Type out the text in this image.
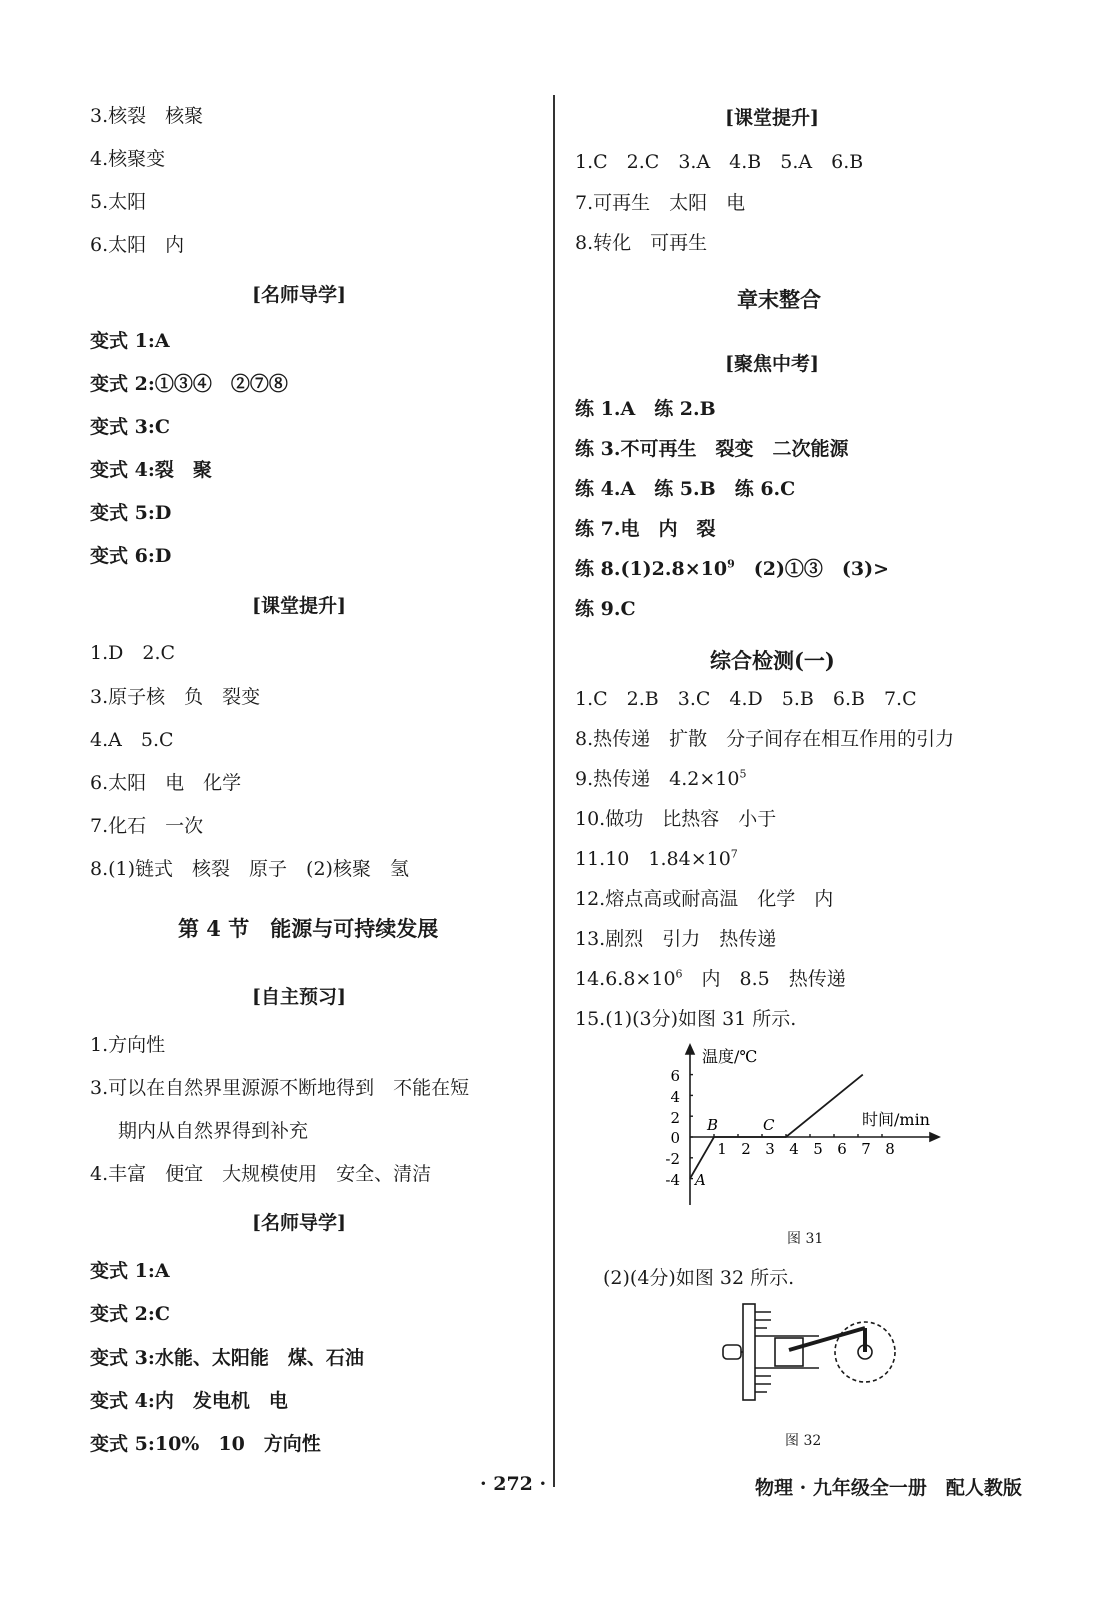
3.核裂　核聚
4.核聚变
5.太阳
6.太阳　内
[名师导学]
变式 1:A
变式 2:①③④　②⑦⑧
变式 3:C
变式 4:裂　聚
变式 5:D
变式 6:D
[课堂提升]
1.D　2.C
3.原子核　负　裂变
4.A　5.C
6.太阳　电　化学
7.化石　一次
8.(1)链式　核裂　原子　(2)核聚　氢
第 4 节　能源与可持续发展
[自主预习]
1.方向性
3.可以在自然界里源源不断地得到　不能在短
期内从自然界得到补充
4.丰富　便宜　大规模使用　安全、清洁
[名师导学]
变式 1:A
变式 2:C
变式 3:水能、太阳能　煤、石油
变式 4:内　发电机　电
变式 5:10%　10　方向性
[课堂提升]
1.C　2.C　3.A　4.B　5.A　6.B
7.可再生　太阳　电
8.转化　可再生
章末整合
[聚焦中考]
练 1.A　练 2.B
练 3.不可再生　裂变　二次能源
练 4.A　练 5.B　练 6.C
练 7.电　内　裂
练 $8.(1)2.8\times 10^9$　(2)①③　(3)>
练 9.C
综合检测(一)
1.C　2.B　3.C　4.D　5.B　6.B　7.C
8.热传递　扩散　分子间存在相互作用的引力
9.热传递　$4.2\times 10^5$
10.做功　比热容　小于
11.10　$1.84\times 10^7$
12.熔点高或耐高温　化学　内
13.剧烈　引力　热传递
$14.6.8\times 10^6$　内　8.5　热传递
15.(1)(3分)如图 31 所示.
温度/℃
时间/min
6
4
2
0
-2
-4
1 2 3 4 5 6 7 8
A
B	C
图 31
(2)(4分)如图 32 所示.
图 32
· 272 ·	物理 · 九年级全一册　配人教版
